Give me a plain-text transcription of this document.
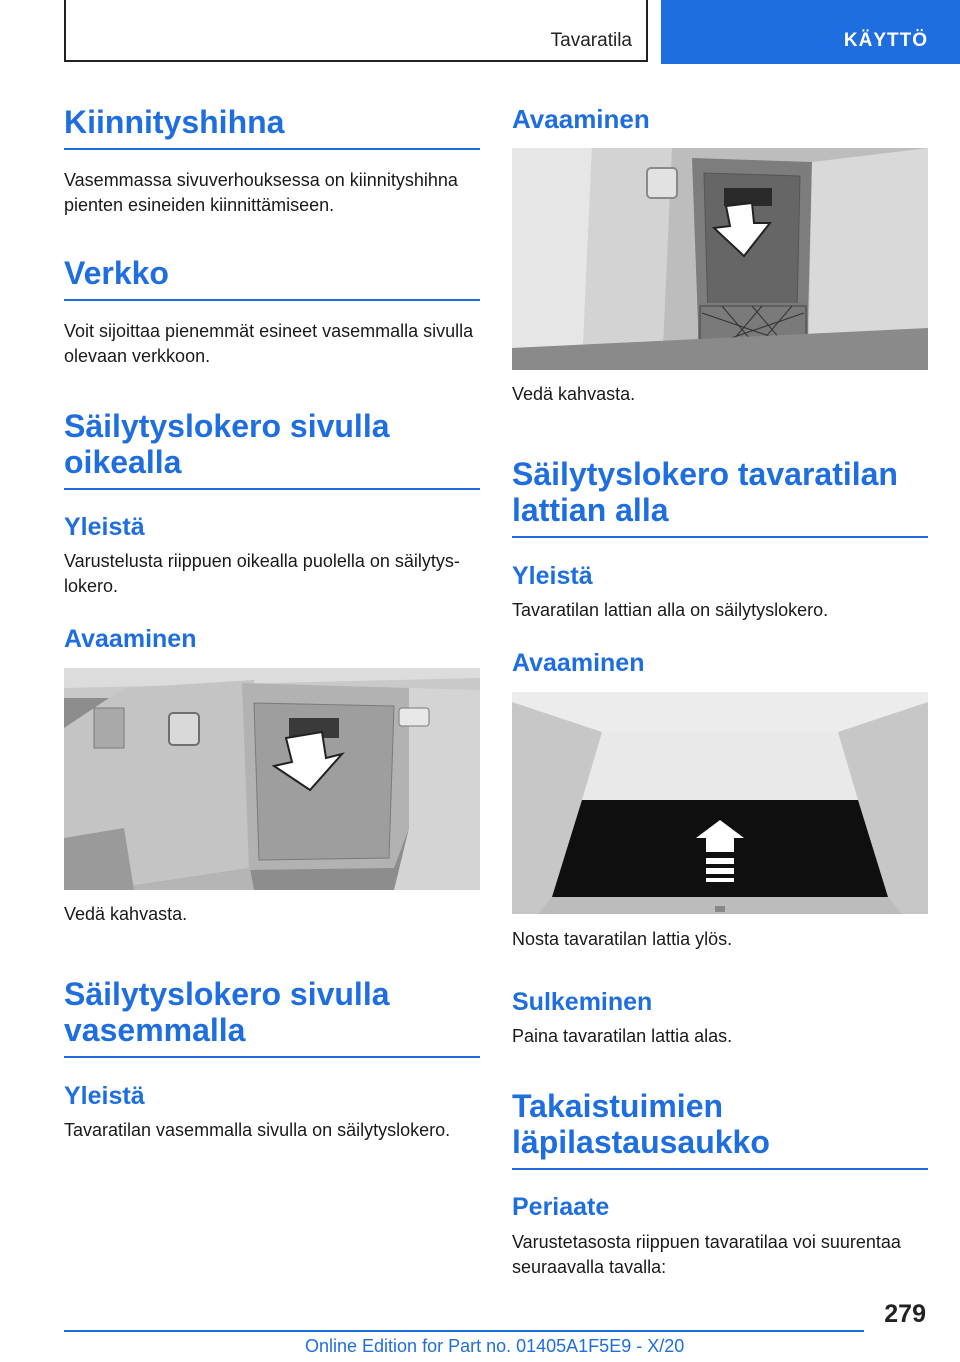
Tavaratila	KÄYTTÖ
Kiinnityshihna
Vasemmassa sivuverhouksessa on kiinnityshihna pienten esineiden kiinnittämiseen.
Verkko
Voit sijoittaa pienemmät esineet vasemmalla sivulla olevaan verkkoon.
Säilytyslokero sivulla oikealla
Yleistä
Varustelusta riippuen oikealla puolella on säilytyslokero.
Avaaminen
Vedä kahvasta.
Säilytyslokero sivulla vasemmalla
Yleistä
Tavaratilan vasemmalla sivulla on säilytyslokero.
Avaaminen
Vedä kahvasta.
Säilytyslokero tavaratilan lattian alla
Yleistä
Tavaratilan lattian alla on säilytyslokero.
Avaaminen
Nosta tavaratilan lattia ylös.
Sulkeminen
Paina tavaratilan lattia alas.
Takaistuimien läpilastausaukko
Periaate
Varustetasosta riippuen tavaratilaa voi suurentaa seuraavalla tavalla:
279
Online Edition for Part no. 01405A1F5E9 - X/20
